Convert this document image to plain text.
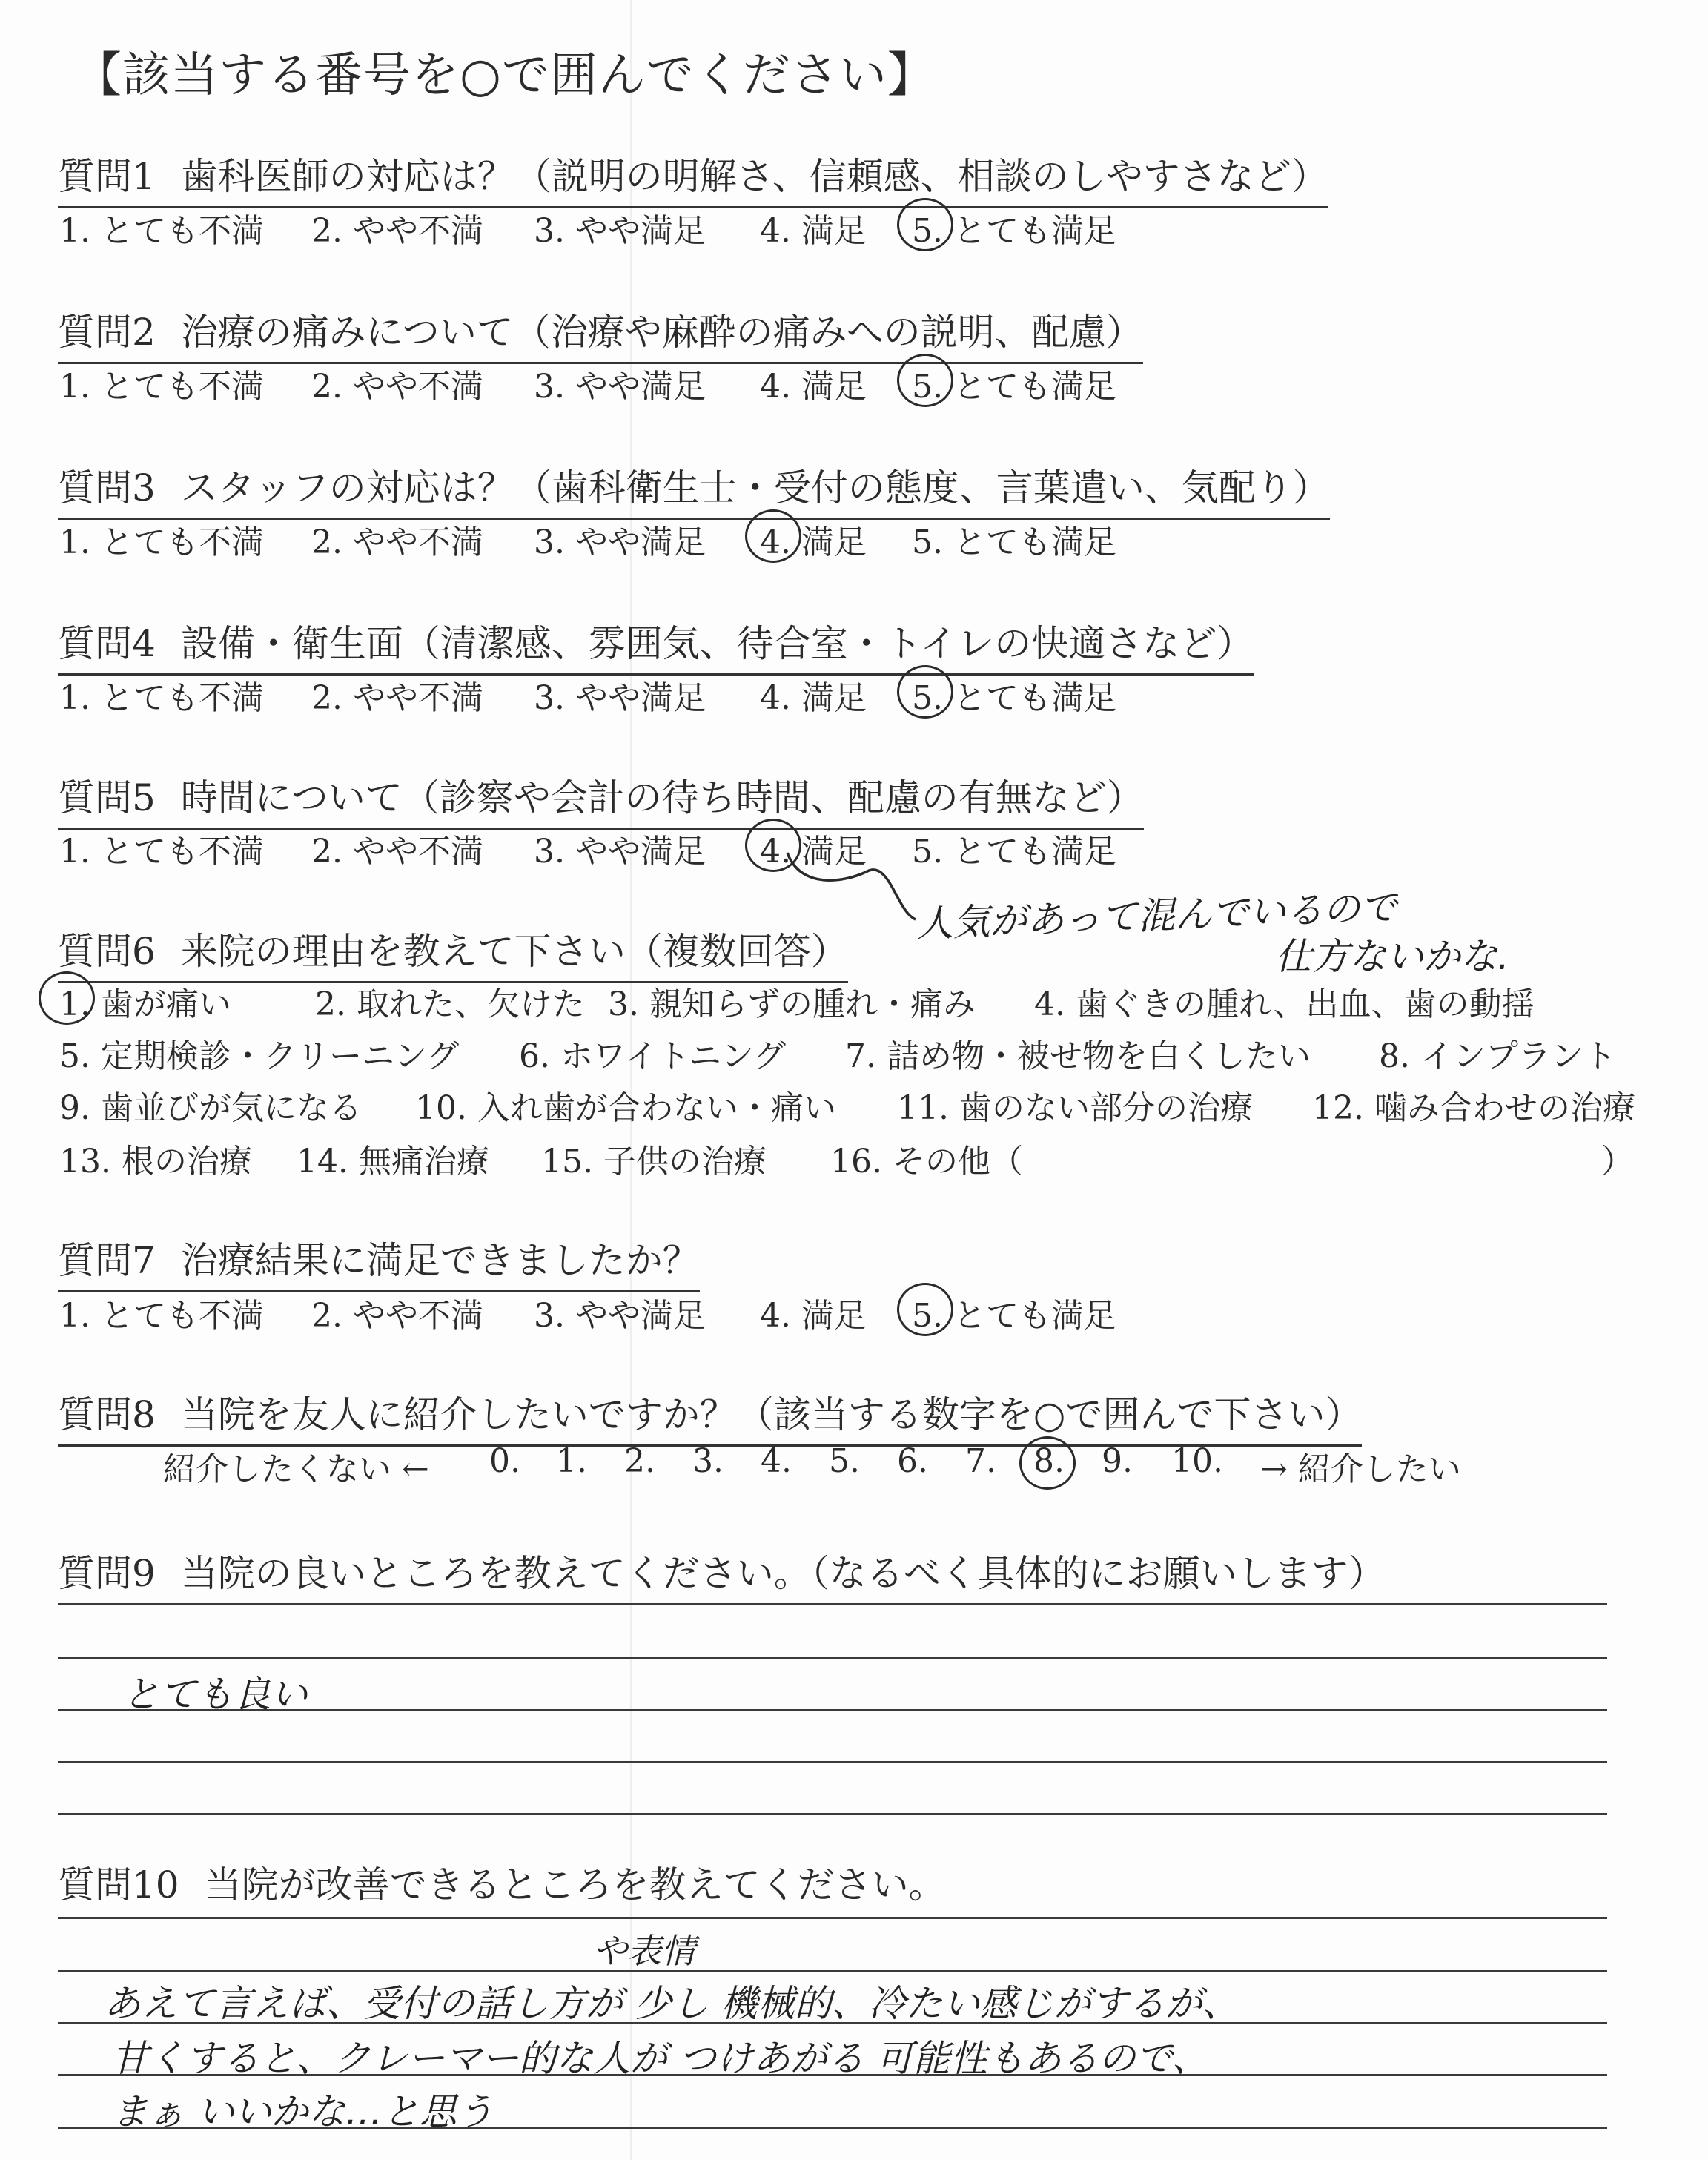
【該当する番号を○で囲んでください】
質問1 歯科医師の対応は？（説明の明解さ、信頼感、相談のしやすさなど）
1. とても不満 2. やや不満 3. やや満足 4. 満足 5. とても満足
質問2 治療の痛みについて（治療や麻酔の痛みへの説明、配慮）
1. とても不満 2. やや不満 3. やや満足 4. 満足 5. とても満足
質問3 スタッフの対応は？（歯科衛生士・受付の態度、言葉遣い、気配り）
1. とても不満 2. やや不満 3. やや満足 4. 満足 5. とても満足
質問4 設備・衛生面（清潔感、雰囲気、待合室・トイレの快適さなど）
1. とても不満 2. やや不満 3. やや満足 4. 満足 5. とても満足
質問5 時間について（診察や会計の待ち時間、配慮の有無など）
1. とても不満 2. やや不満 3. やや満足 4. 満足 5. とても満足
人気があって混んでいるので
仕方ないかな.
質問6 来院の理由を教えて下さい（複数回答）
1. 歯が痛い	2. 取れた、欠けた 3. 親知らずの腫れ・痛み 4. 歯ぐきの腫れ、出血、歯の動揺
5. 定期検診・クリーニング 6. ホワイトニング 7. 詰め物・被せ物を白くしたい 8. インプラント
9. 歯並びが気になる 10. 入れ歯が合わない・痛い 11. 歯のない部分の治療 12. 噛み合わせの治療
13. 根の治療 14. 無痛治療 15. 子供の治療 16. その他（	）
質問7 治療結果に満足できましたか？
1. とても不満 2. やや不満 3. やや満足 4. 満足 5. とても満足
質問8 当院を友人に紹介したいですか？（該当する数字を○で囲んで下さい）
紹介したくない ← 0. 1. 2. 3. 4. 5. 6. 7. 8. 9. 10. → 紹介したい
質問9 当院の良いところを教えてください。（なるべく具体的にお願いします）
とても良い
質問10 当院が改善できるところを教えてください。
や表情
あえて言えば、受付の話し方が 少し 機械的、冷たい感じがするが、
甘くすると、クレーマー的な人が つけあがる 可能性もあるので、
まぁ いいかな…と思う
